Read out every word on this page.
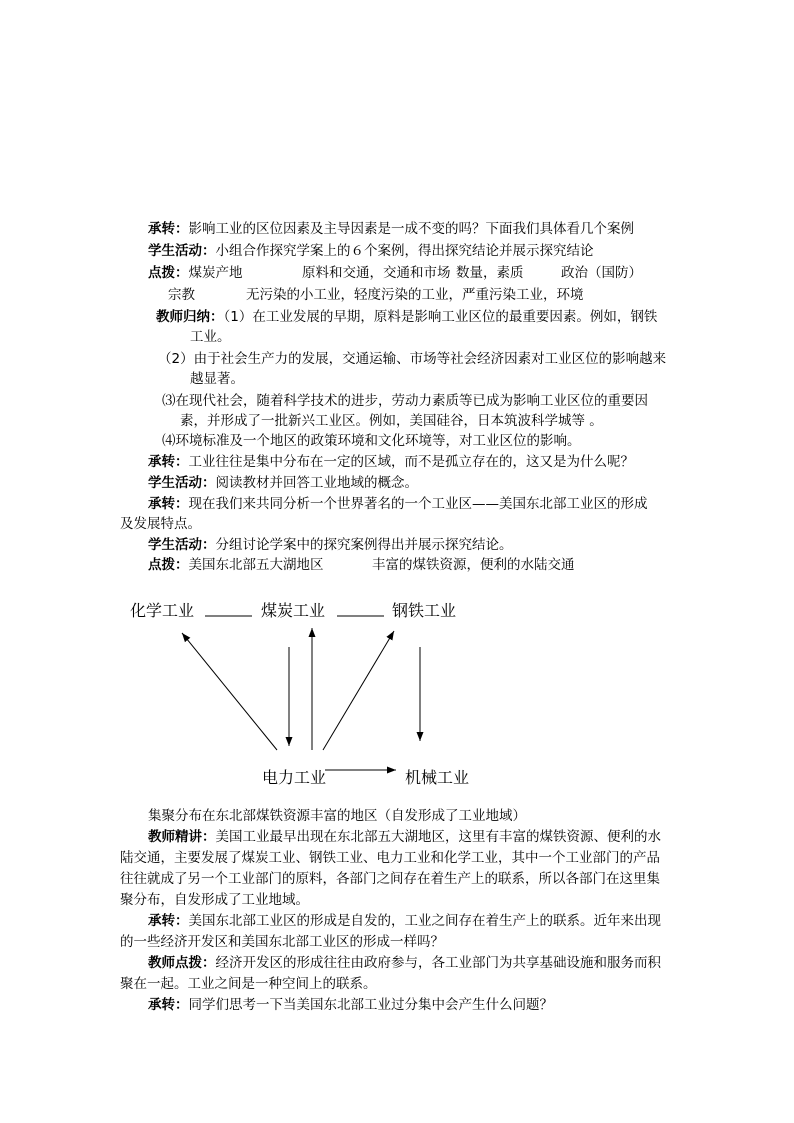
承转：影响工业的区位因素及主导因素是一成不变的吗？下面我们具体看几个案例
学生活动：小组合作探究学案上的６个案例，得出探究结论并展示探究结论
点拨：煤炭产地	原料和交通，交通和市场 数量，素质	政治（国防）
宗教	无污染的小工业，轻度污染的工业，严重污染工业，环境
教师归纳：（1）在工业发展的早期，原料是影响工业区位的最重要因素。例如，钢铁
工业。
（2）由于社会生产力的发展，交通运输、市场等社会经济因素对工业区位的影响越来
越显著。
⑶在现代社会，随着科学技术的进步，劳动力素质等已成为影响工业区位的重要因
素，并形成了一批新兴工业区。例如，美国硅谷，日本筑波科学城等 。
⑷环境标准及一个地区的政策环境和文化环境等，对工业区位的影响。
承转：工业往往是集中分布在一定的区域，而不是孤立存在的，这又是为什么呢？
学生活动：阅读教材并回答工业地域的概念。
承转：现在我们来共同分析一个世界著名的一个工业区——美国东北部工业区的形成
及发展特点。
学生活动：分组讨论学案中的探究案例得出并展示探究结论。
点拨：美国东北部五大湖地区	丰富的煤铁资源，便利的水陆交通
化学工业	煤炭工业	钢铁工业
电力工业	机械工业
集聚分布在东北部煤铁资源丰富的地区（自发形成了工业地域）
教师精讲：美国工业最早出现在东北部五大湖地区，这里有丰富的煤铁资源、便利的水
陆交通，主要发展了煤炭工业、钢铁工业、电力工业和化学工业，其中一个工业部门的产品
往往就成了另一个工业部门的原料，各部门之间存在着生产上的联系，所以各部门在这里集
聚分布，自发形成了工业地域。
承转：美国东北部工业区的形成是自发的，工业之间存在着生产上的联系。近年来出现
的一些经济开发区和美国东北部工业区的形成一样吗？
教师点拨：经济开发区的形成往往由政府参与，各工业部门为共享基础设施和服务而积
聚在一起。工业之间是一种空间上的联系。
承转：同学们思考一下当美国东北部工业过分集中会产生什么问题？
